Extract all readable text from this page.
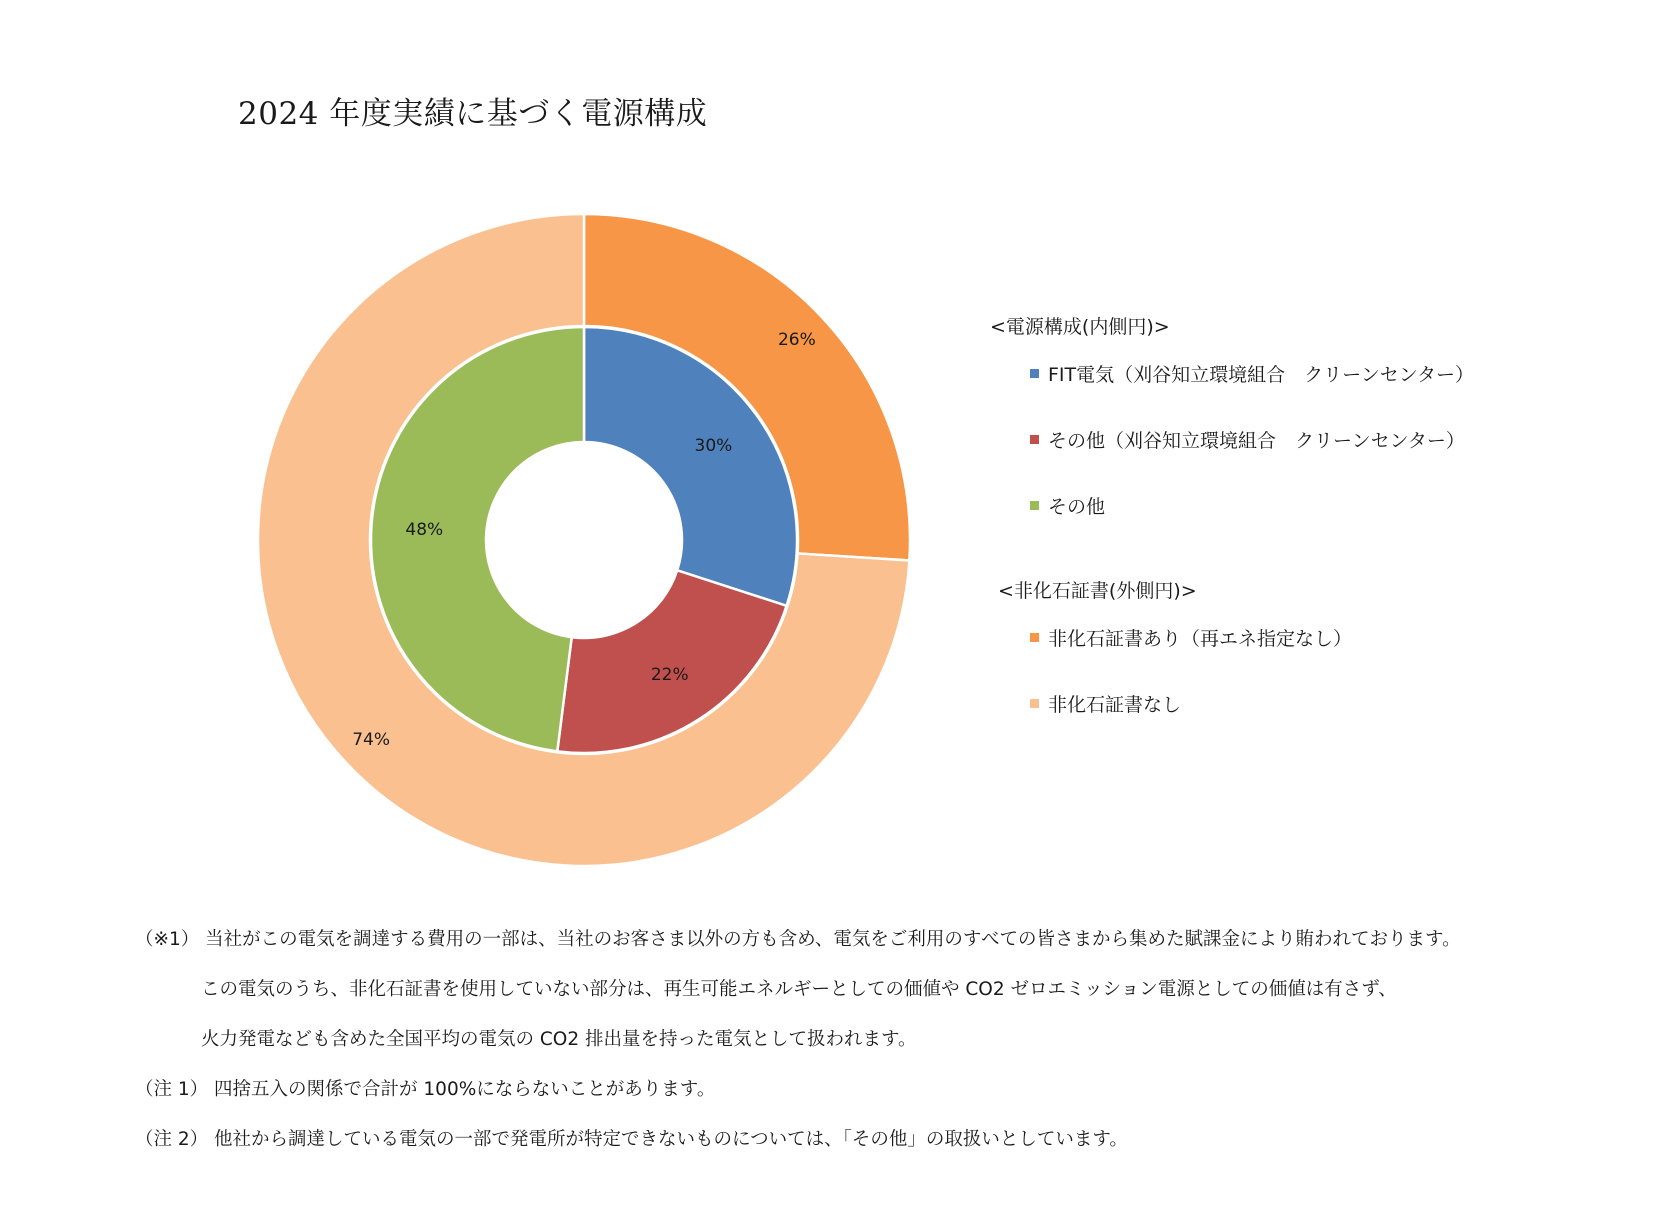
2024 年度実績に基づく電源構成
26%
74%
30%
22%
48%
<電源構成(内側円)>
FIT電気（刈谷知立環境組合　クリーンセンター）
その他（刈谷知立環境組合　クリーンセンター）
その他
<非化石証書(外側円)>
非化石証書あり（再エネ指定なし）
非化石証書なし
（※1） 当社がこの電気を調達する費用の一部は、当社のお客さま以外の方も含め、電気をご利用のすべての皆さまから集めた賦課金により賄われております。
この電気のうち、非化石証書を使用していない部分は、再生可能エネルギーとしての価値や CO2 ゼロエミッション電源としての価値は有さず、
火力発電なども含めた全国平均の電気の CO2 排出量を持った電気として扱われます。
（注 1） 四捨五入の関係で合計が 100%にならないことがあります。
（注 2） 他社から調達している電気の一部で発電所が特定できないものについては、「その他」の取扱いとしています。
